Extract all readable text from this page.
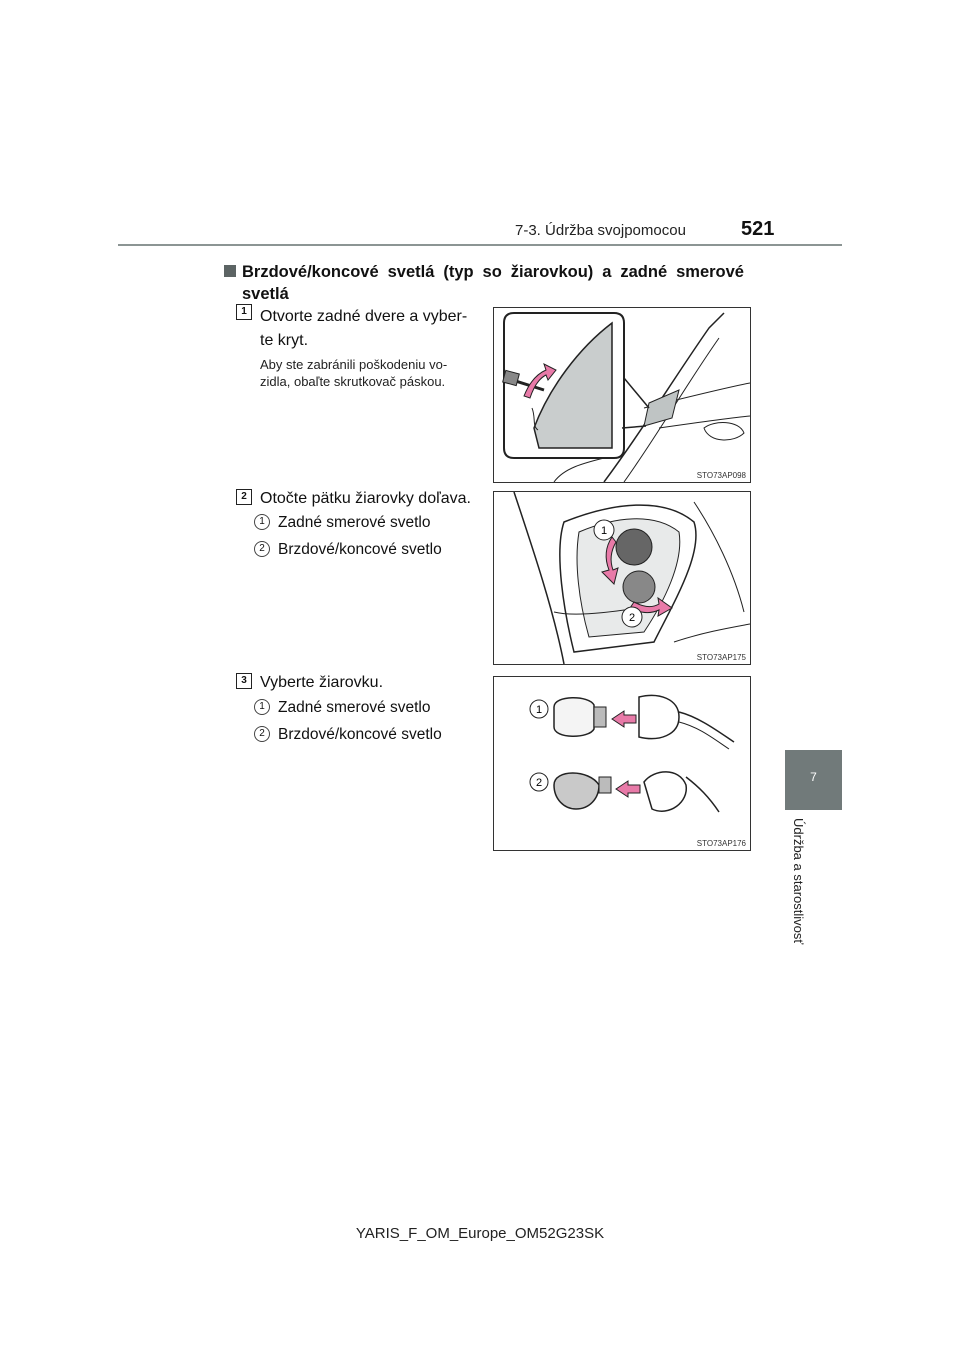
7-3. Údržba svojpomocou	521
7
Údržba a starostlivosť
Brzdové/koncové svetlá (typ so žiarovkou) a zadné smerové
svetlá
1 Otvorte zadné dvere a vyber-
te kryt.
Aby ste zabránili poškodeniu vo-
zidla, obaľte skrutkovač páskou.
STO73AP098
2 Otočte pätku žiarovky doľava.
1 Zadné smerové svetlo
2 Brzdové/koncové svetlo
1
2
STO73AP175
3 Vyberte žiarovku.
1 Zadné smerové svetlo
2 Brzdové/koncové svetlo
1
2
STO73AP176
YARIS_F_OM_Europe_OM52G23SK
